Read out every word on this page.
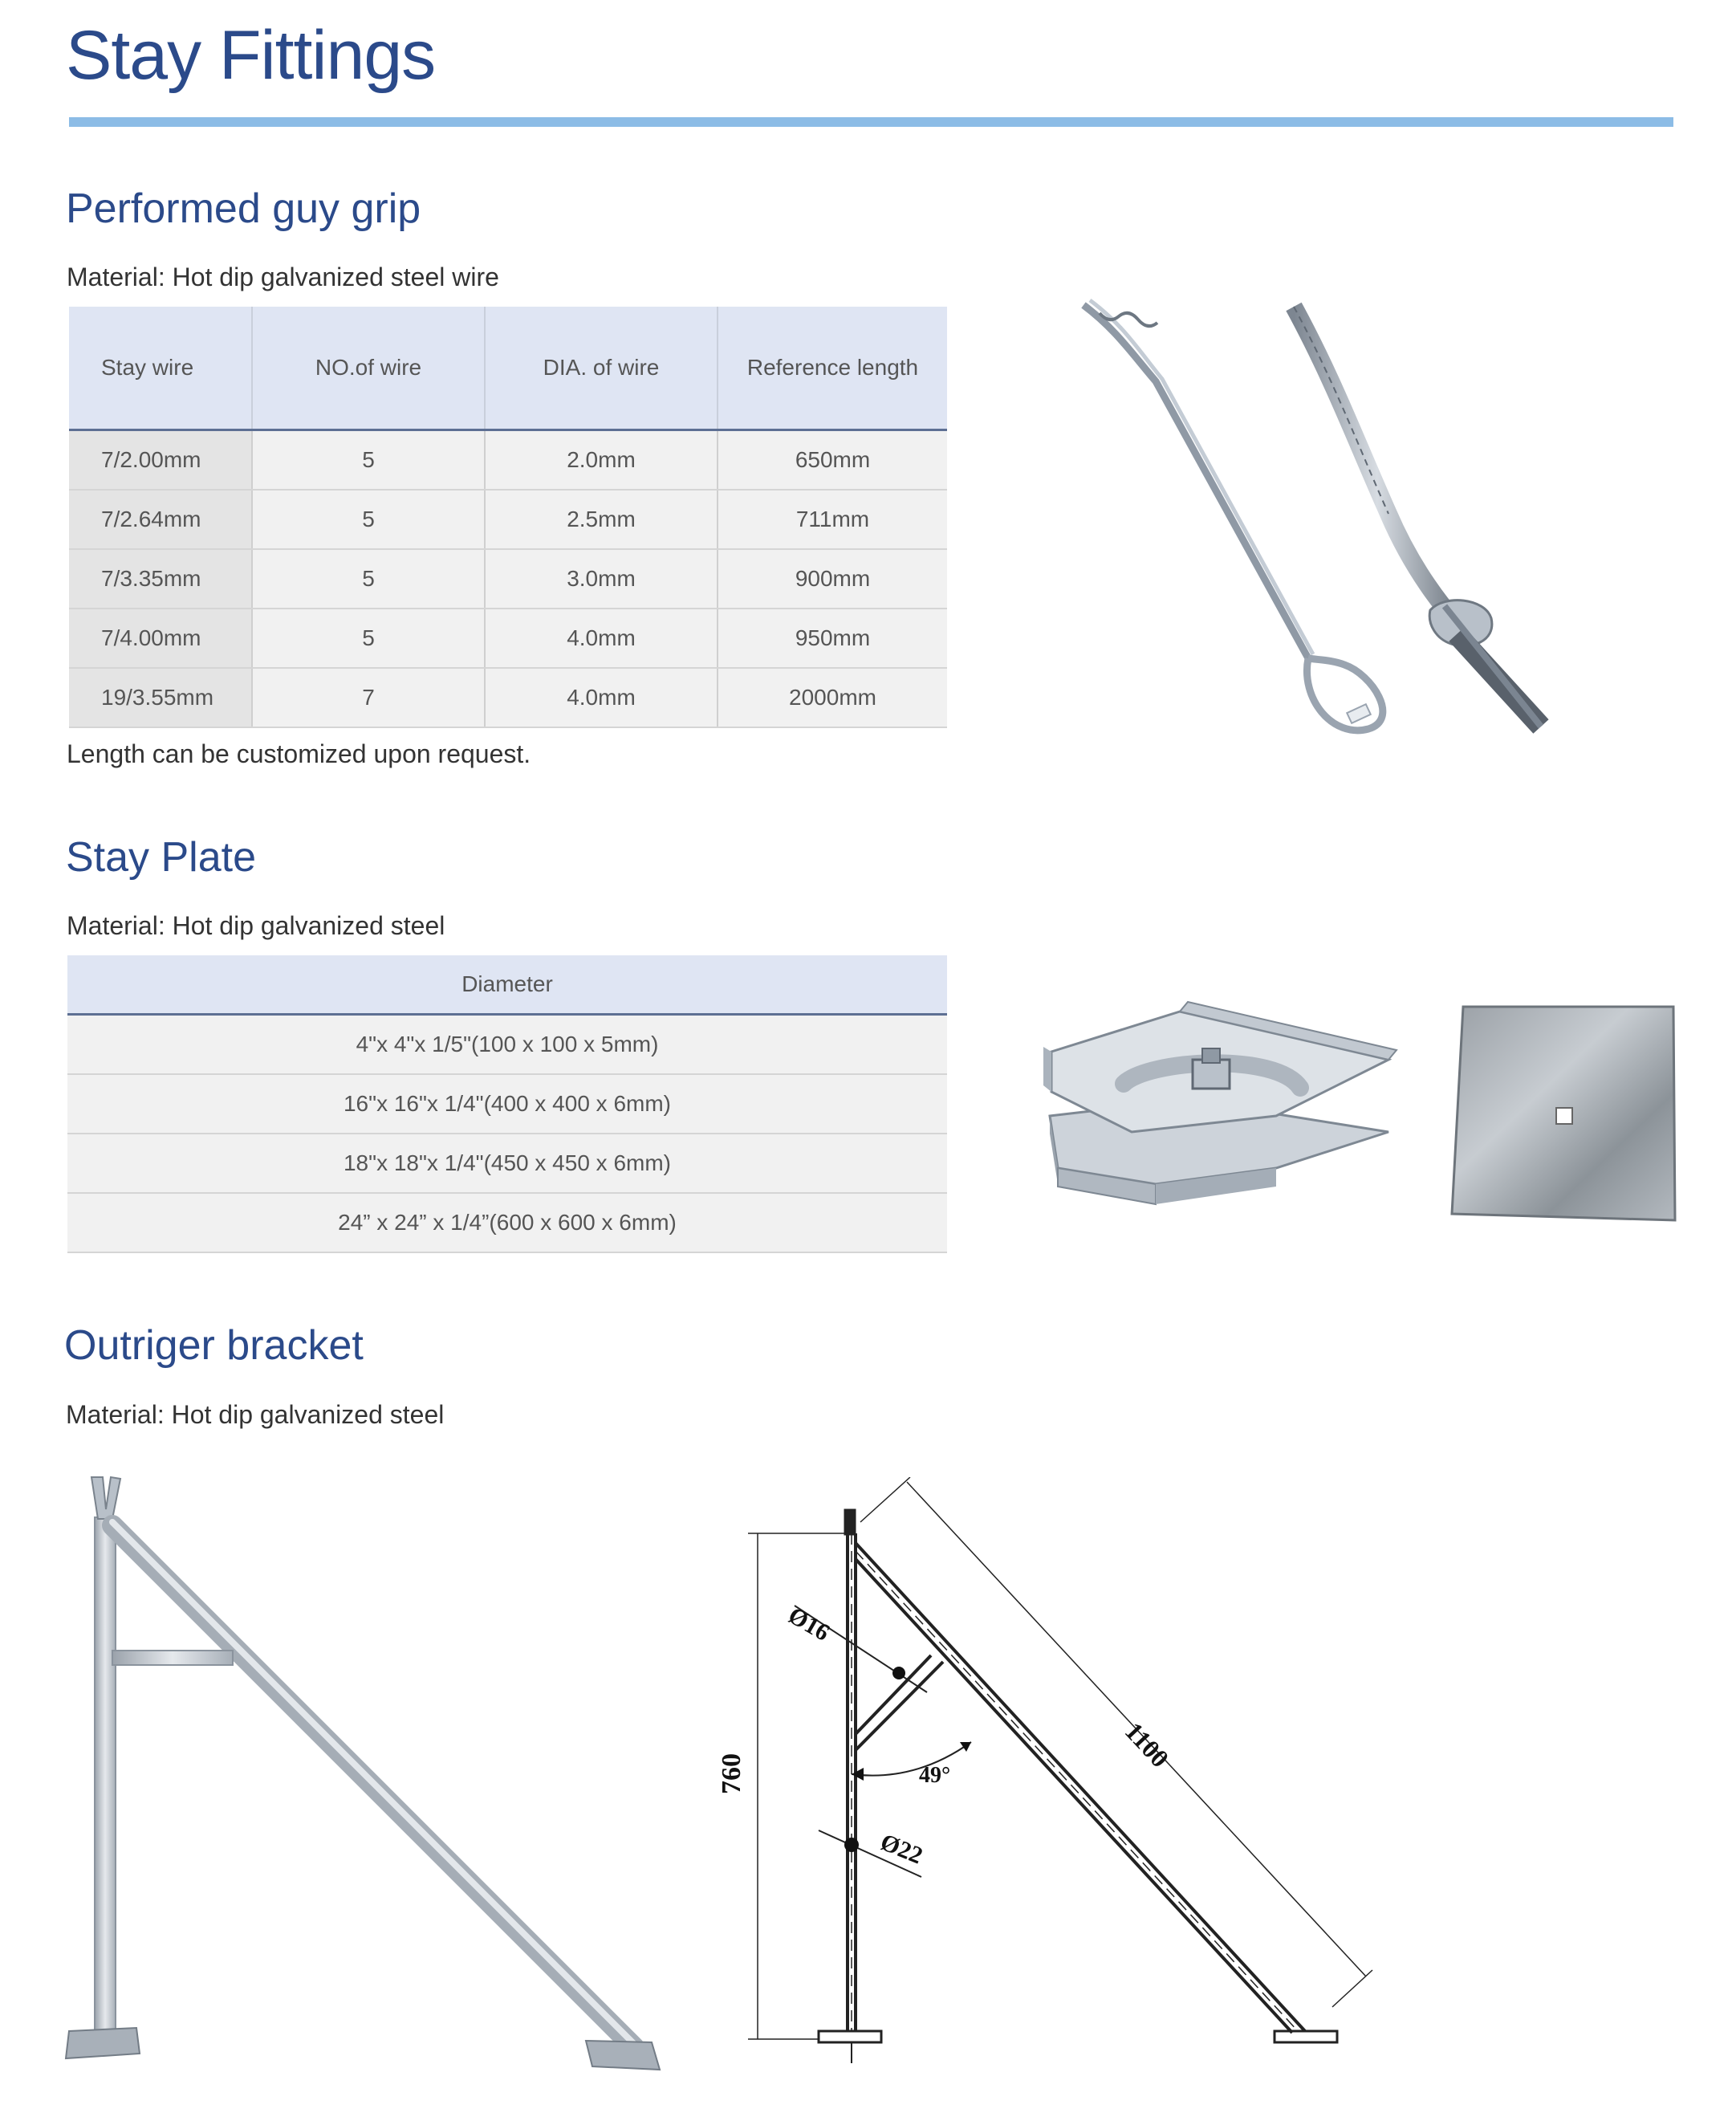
Stay Fittings
Performed guy grip
Material: Hot dip galvanized steel wire
Stay wire	NO.of wire	DIA. of wire	Reference length
7/2.00mm	5	2.0mm	650mm
7/2.64mm	5	2.5mm	711mm
7/3.35mm	5	3.0mm	900mm
7/4.00mm	5	4.0mm	950mm
19/3.55mm	7	4.0mm	2000mm
Length can be customized upon request.
Stay Plate
Material: Hot dip galvanized steel
Diameter
4"x 4"x 1/5"(100 x 100 x 5mm)
16"x 16"x 1/4"(400 x 400 x 6mm)
18"x 18"x 1/4"(450 x 450 x 6mm)
24” x 24” x 1/4”(600 x 600 x 6mm)
Outriger bracket
Material: Hot dip galvanized steel
760
1100
Ø16
Ø22
49°
